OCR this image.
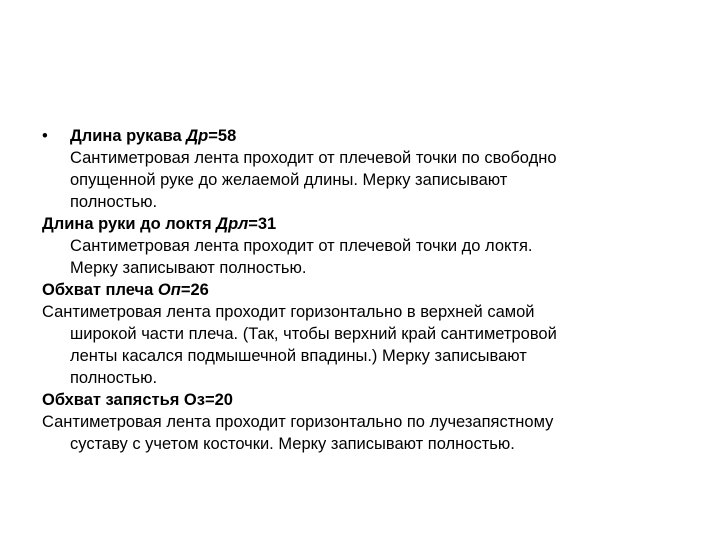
• Длина рукава Др=58
Сантиметровая лента проходит от плечевой точки по свободно
опущенной руке до желаемой длины. Мерку записывают
полностью.
Длина руки до локтя Дрл=31
Сантиметровая лента проходит от плечевой точки до локтя.
Мерку записывают полностью.
Обхват плеча Оп=26
Сантиметровая лента проходит горизонтально в верхней самой
широкой части плеча. (Так, чтобы верхний край сантиметровой
ленты касался подмышечной впадины.) Мерку записывают
полностью.
Обхват запястья Оз=20
Сантиметровая лента проходит горизонтально по лучезапястному
суставу с учетом косточки. Мерку записывают полностью.
